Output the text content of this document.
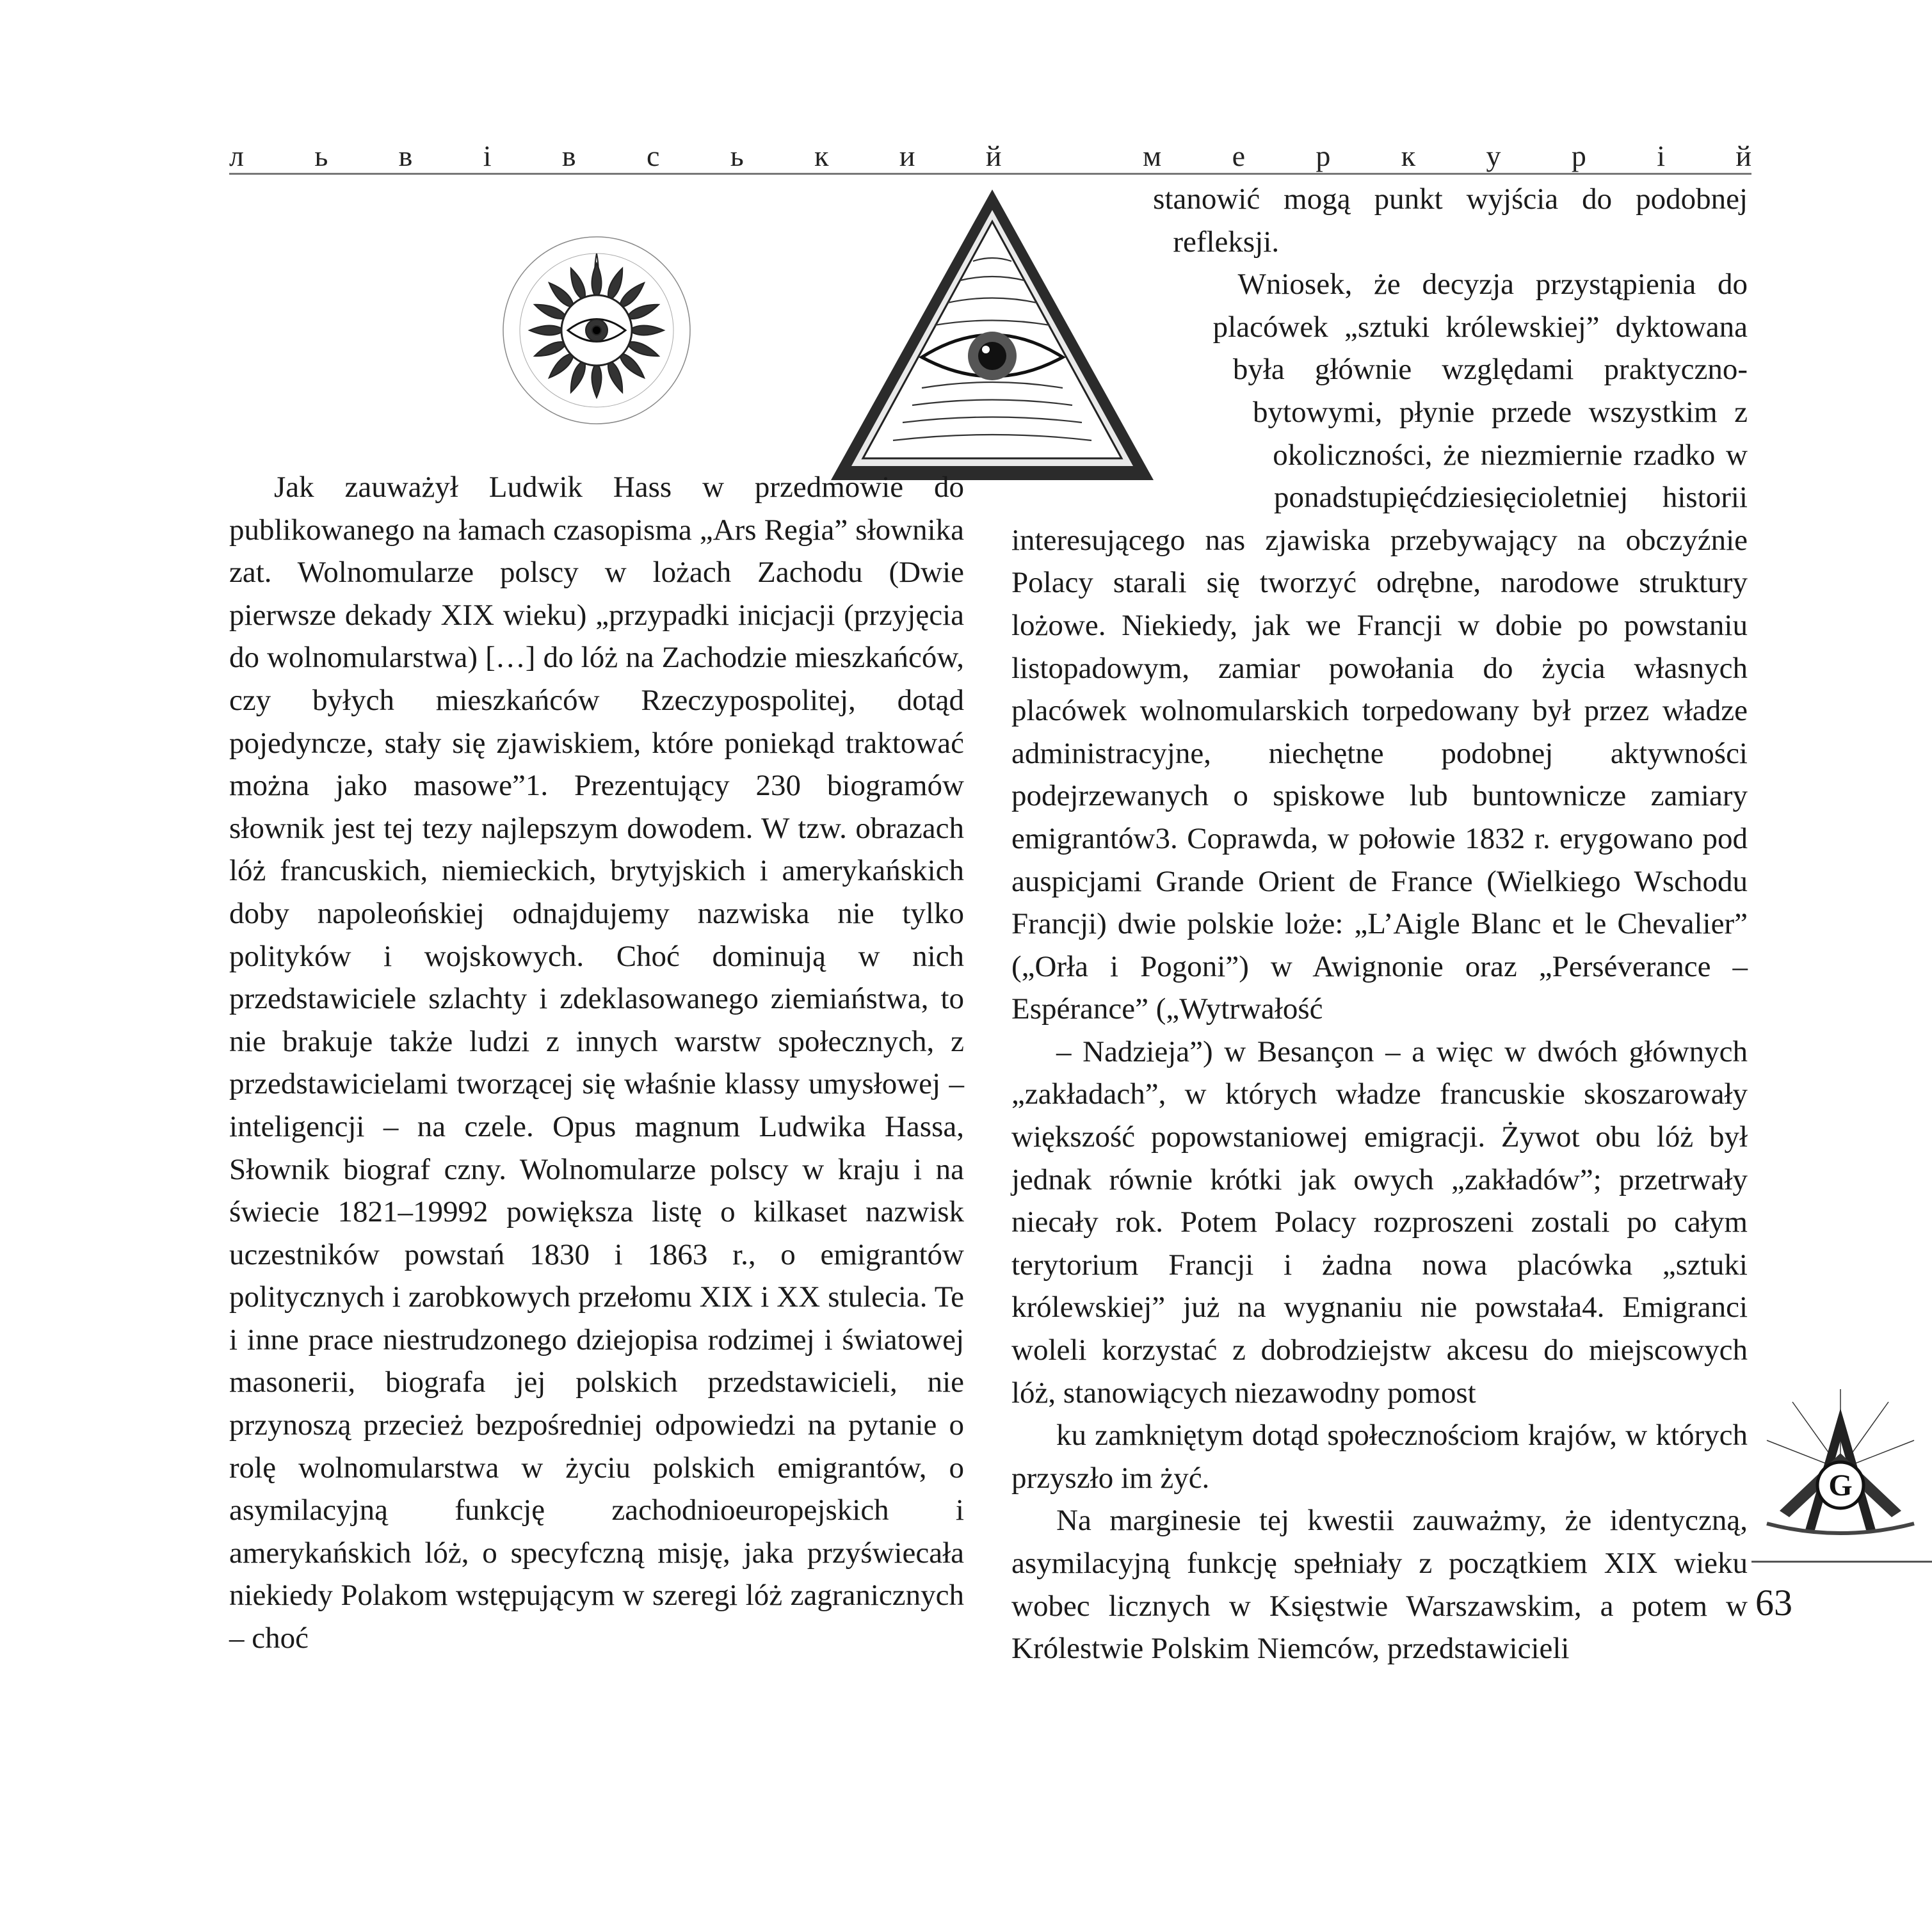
л ь в і в с ь к и й	м е р к у р і й

Jak zauważył Ludwik Hass w przedmowie do publikowanego na łamach czasopisma „Ars Regia” słownika zat. Wolnomularze polscy w lożach Zachodu (Dwie pierwsze dekady XIX wieku) „przypadki inicjacji (przyjęcia do wolnomularstwa) […] do lóż na Zachodzie mieszkańców, czy byłych mieszkańców Rzeczypospolitej, dotąd pojedyncze, stały się zjawiskiem, które poniekąd traktować można jako masowe”1. Prezentujący 230 biogramów słownik jest tej tezy najlepszym dowodem. W tzw. obrazach lóż francuskich, niemieckich, brytyjskich i amerykańskich doby napoleońskiej odnajdujemy nazwiska nie tylko polityków i wojskowych. Choć dominują w nich przedstawiciele szlachty i zdeklasowanego ziemiaństwa, to nie brakuje także ludzi z innych warstw społecznych, z przedstawicielami tworzącej się właśnie klassy umysłowej – inteligencji – na czele. Opus magnum Ludwika Hassa, Słownik biograf czny. Wolnomularze polscy w kraju i na świecie 1821–19992 powiększa listę o kilkaset nazwisk uczestników powstań 1830 i 1863 r., o emigrantów politycznych i zarobkowych przełomu XIX i XX stulecia. Te i inne prace niestrudzonego dziejopisa rodzimej i światowej masonerii, biografa jej polskich przedstawicieli, nie przynoszą przecież bezpośredniej odpowiedzi na pytanie o rolę wolnomularstwa w życiu polskich emigrantów, o asymilacyjną funkcję zachodnioeuropejskich i amerykańskich lóż, o specyfczną misję, jaka przyświecała niekiedy Polakom wstępującym w szeregi lóż zagranicznych – choć

stanowić mogą punkt wyjścia do podobnej refleksji.

Wniosek, że decyzja przystąpienia do placówek „sztuki królewskiej” dyktowana była głównie względami praktyczno-bytowymi, płynie przede wszystkim z okoliczności, że niezmiernie rzadko w ponadstupięćdziesięcioletniej historii interesującego nas zjawiska przebywający na obczyźnie Polacy starali się tworzyć odrębne, narodowe struktury lożowe. Niekiedy, jak we Francji w dobie po powstaniu listopadowym, zamiar powołania do życia własnych placówek wolnomularskich torpedowany był przez władze administracyjne, niechętne podobnej aktywności podejrzewanych o spiskowe lub buntownicze zamiary emigrantów3. Coprawda, w połowie 1832 r. erygowano pod auspicjami Grande Orient de France (Wielkiego Wschodu Francji) dwie polskie loże: „L’Aigle Blanc et le Chevalier” („Orła i Pogoni”) w Awignonie oraz „Perséverance – Espérance” („Wytrwałość

– Nadzieja”) w Besançon – a więc w dwóch głównych „zakładach”, w których władze francuskie skoszarowały większość popowstaniowej emigracji. Żywot obu lóż był jednak równie krótki jak owych „zakładów”; przetrwały niecały rok. Potem Polacy rozproszeni zostali po całym terytorium Francji i żadna nowa placówka „sztuki królewskiej” już na wygnaniu nie powstała4. Emigranci woleli korzystać z dobrodziejstw akcesu do miejscowych lóż, stanowiących niezawodny pomost

ku zamkniętym dotąd społecznościom krajów, w których przyszło im żyć.

Na marginesie tej kwestii zauważmy, że identyczną, asymilacyjną funkcję spełniały z początkiem XIX wieku wobec licznych w Księstwie Warszawskim, a potem w Królestwie Polskim Niemców, przedstawicieli

G
63
